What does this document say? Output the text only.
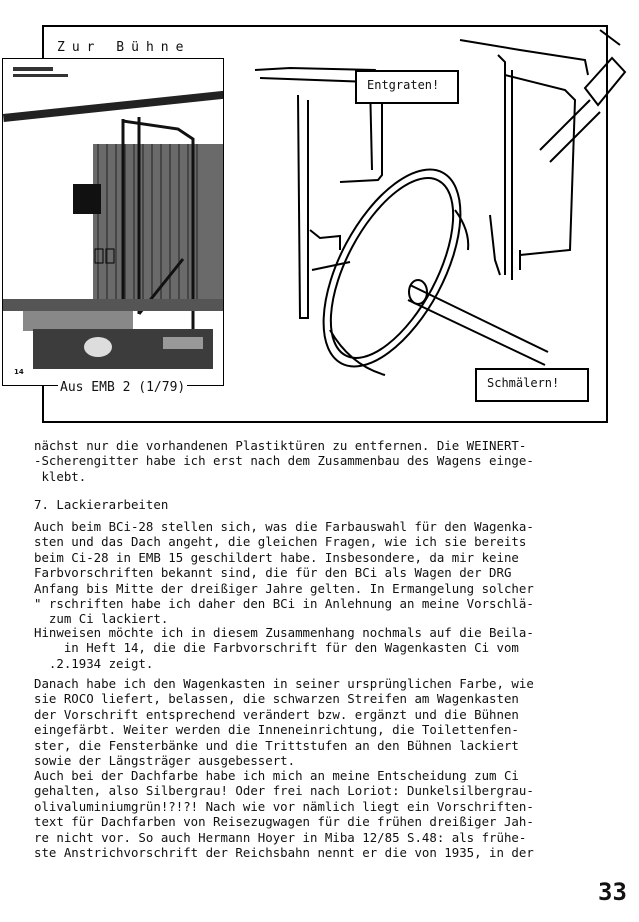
Zur Bühne
14
Aus EMB 2 (1/79)
Entgraten!
Schmälern!
nächst nur die vorhandenen Plastiktüren zu entfernen. Die WEINERT-
-Scherengitter habe ich erst nach dem Zusammenbau des Wagens einge-
klebt.
7. Lackierarbeiten
Auch beim BCi-28 stellen sich, was die Farbauswahl für den Wagenka-
sten und das Dach angeht, die gleichen Fragen, wie ich sie bereits
beim Ci-28 in EMB 15 geschildert habe. Insbesondere, da mir keine
Farbvorschriften bekannt sind, die für den BCi als Wagen der DRG
Anfang bis Mitte der dreißiger Jahre gelten. In Ermangelung solcher
" rschriften habe ich daher den BCi in Anlehnung an meine Vorschlä-
zum Ci lackiert.
Hinweisen möchte ich in diesem Zusammenhang nochmals auf die Beila-
in Heft 14, die die Farbvorschrift für den Wagenkasten Ci vom
.2.1934 zeigt.
Danach habe ich den Wagenkasten in seiner ursprünglichen Farbe, wie
sie ROCO liefert, belassen, die schwarzen Streifen am Wagenkasten
der Vorschrift entsprechend verändert bzw. ergänzt und die Bühnen
eingefärbt. Weiter werden die Inneneinrichtung, die Toilettenfen-
ster, die Fensterbänke und die Trittstufen an den Bühnen lackiert
sowie der Längsträger ausgebessert.
Auch bei der Dachfarbe habe ich mich an meine Entscheidung zum Ci
gehalten, also Silbergrau! Oder frei nach Loriot: Dunkelsilbergrau-
olivaluminiumgrün!?!?! Nach wie vor nämlich liegt ein Vorschriften-
text für Dachfarben von Reisezugwagen für die frühen dreißiger Jah-
re nicht vor. So auch Hermann Hoyer in Miba 12/85 S.48: als frühe-
ste Anstrichvorschrift der Reichsbahn nennt er die von 1935, in der
33
